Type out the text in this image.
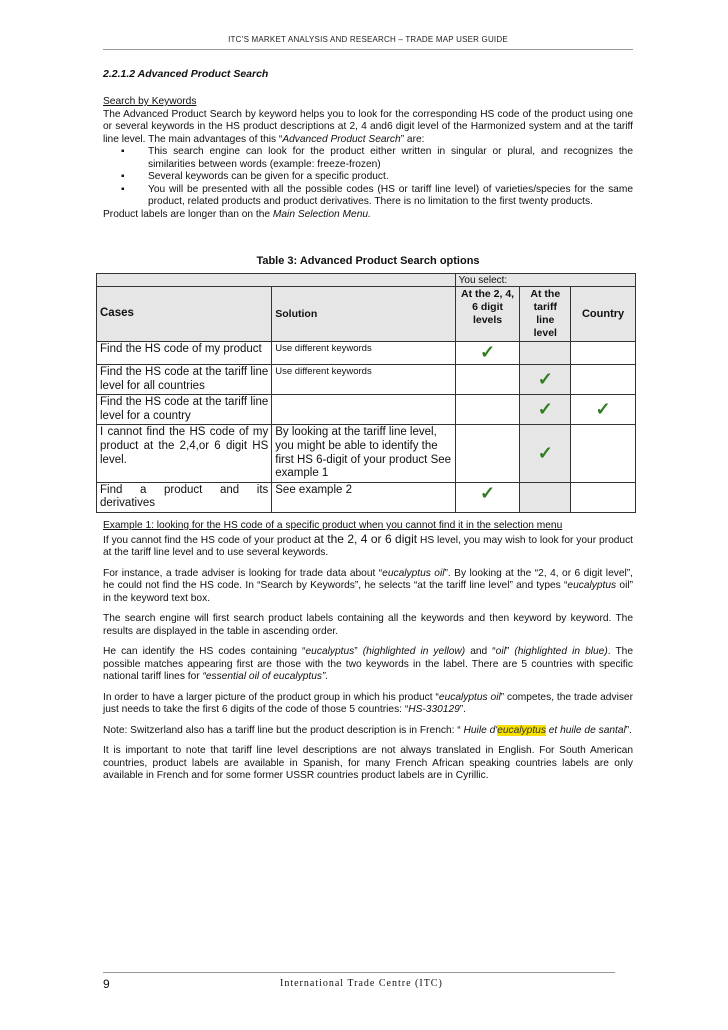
ITC’S MARKET ANALYSIS AND RESEARCH – TRADE MAP USER GUIDE
2.2.1.2 Advanced Product Search
Search by Keywords
The Advanced Product Search by keyword helps you to look for the corresponding HS code of the product using one or several keywords in the HS product descriptions at 2, 4 and6 digit level of the Harmonized system and at the tariff line level. The main advantages of this “Advanced Product Search” are:
▪ This search engine can look for the product either written in singular or plural, and recognizes the similarities between words (example: freeze-frozen)
▪ Several keywords can be given for a specific product.
▪ You will be presented with all the possible codes (HS or tariff line level) of varieties/species for the same product, related products and product derivatives. There is no limitation to the first twenty products.
Product labels are longer than on the Main Selection Menu.
Table 3: Advanced Product Search options
		You select:		
Cases	Solution	At the 2, 4, 6 digit levels	At the tariff line level	Country
Find the HS code of my product	Use different keywords	✓		
Find the HS code at the tariff line level for all countries	Use different keywords		✓	
Find the HS code at the tariff line level for a country			✓	✓
I cannot find the HS code of my product at the 2,4,or 6 digit HS level.	By looking at the tariff line level, you might be able to identify the first HS 6-digit of your product See example 1		✓	
Find a product and its derivatives	See example 2	✓		
Example 1: looking for the HS code of a specific product when you cannot find it in the selection menu
If you cannot find the HS code of your product at the 2, 4 or 6 digit HS level, you may wish to look for your product at the tariff line level and to use several keywords.
For instance, a trade adviser is looking for trade data about “eucalyptus oil”. By looking at the “2, 4, or 6 digit level”, he could not find the HS code. In “Search by Keywords”, he selects “at the tariff line level” and types “eucalyptus oil” in the keyword text box.
The search engine will first search product labels containing all the keywords and then keyword by keyword. The results are displayed in the table in ascending order.
He can identify the HS codes containing “eucalyptus” (highlighted in yellow) and “oil” (highlighted in blue). The possible matches appearing first are those with the two keywords in the label. There are 5 countries with specific national tariff lines for “essential oil of eucalyptus”.
In order to have a larger picture of the product group in which his product “eucalyptus oil” competes, the trade adviser just needs to take the first 6 digits of the code of those 5 countries: “HS-330129”.
Note: Switzerland also has a tariff line but the product description is in French: “ Huile d'eucalyptus et huile de santal”.
It is important to note that tariff line level descriptions are not always translated in English. For South American countries, product labels are available in Spanish, for many French African speaking countries labels are only available in French and for some former USSR countries product labels are in Cyrillic.
9	International Trade Centre (ITC)
